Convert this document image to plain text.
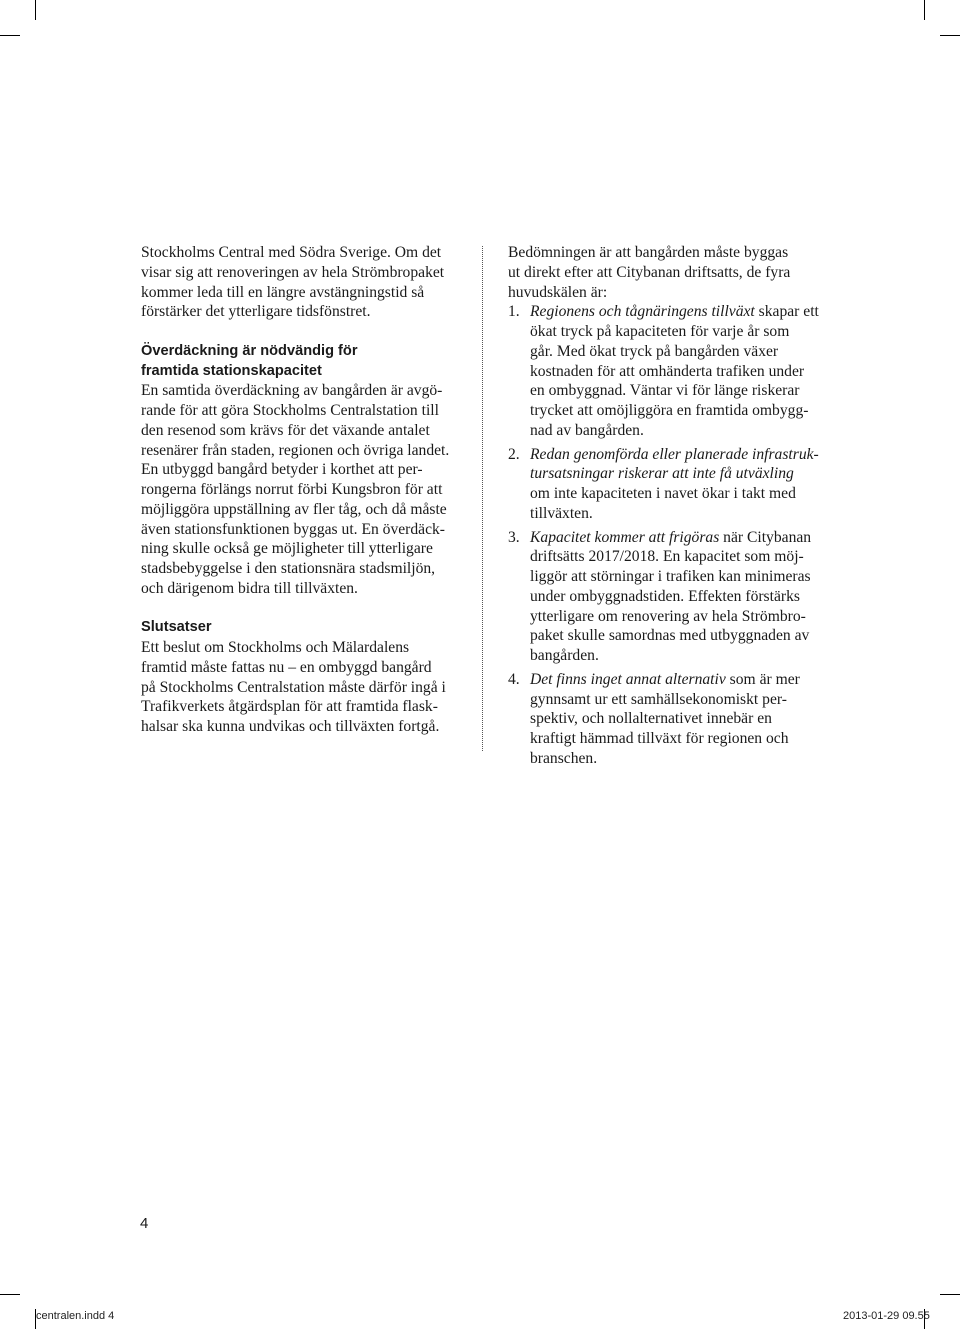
Stockholms Central med Södra Sverige. Om det
visar sig att renoveringen av hela Strömbropaket
kommer leda till en längre avstängningstid så
förstärker det ytterligare tidsfönstret.
Överdäckning är nödvändig för
framtida stationskapacitet
En samtida överdäckning av bangården är avgö-
rande för att göra Stockholms Centralstation till
den resenod som krävs för det växande antalet
resenärer från staden, regionen och övriga landet.
En utbyggd bangård betyder i korthet att per-
rongerna förlängs norrut förbi Kungsbron för att
möjliggöra uppställning av fler tåg, och då måste
även stationsfunktionen byggas ut. En överdäck-
ning skulle också ge möjligheter till ytterligare
stadsbebyggelse i den stationsnära stadsmiljön,
och därigenom bidra till tillväxten.
Slutsatser
Ett beslut om Stockholms och Mälardalens
framtid måste fattas nu – en ombyggd bangård
på Stockholms Centralstation måste därför ingå i
Trafikverkets åtgärdsplan för att framtida flask-
halsar ska kunna undvikas och tillväxten fortgå.
Bedömningen är att bangården måste byggas
ut direkt efter att Citybanan driftsatts, de fyra
huvudskälen är:
1. Regionens och tågnäringens tillväxt skapar ett
ökat tryck på kapaciteten för varje år som
går. Med ökat tryck på bangården växer
kostnaden för att omhänderta trafiken under
en ombyggnad. Väntar vi för länge riskerar
trycket att omöjliggöra en framtida ombygg-
nad av bangården.
2. Redan genomförda eller planerade infrastruk-
tursatsningar riskerar att inte få utväxling
om inte kapaciteten i navet ökar i takt med
tillväxten.
3. Kapacitet kommer att frigöras när Citybanan
driftsätts 2017/2018. En kapacitet som möj-
liggör att störningar i trafiken kan minimeras
under ombyggnadstiden. Effekten förstärks
ytterligare om renovering av hela Strömbro-
paket skulle samordnas med utbyggnaden av
bangården.
4. Det finns inget annat alternativ som är mer
gynnsamt ur ett samhällsekonomiskt per-
spektiv, och nollalternativet innebär en
kraftigt hämmad tillväxt för regionen och
branschen.
4
centralen.indd 4	2013-01-29 09.55
